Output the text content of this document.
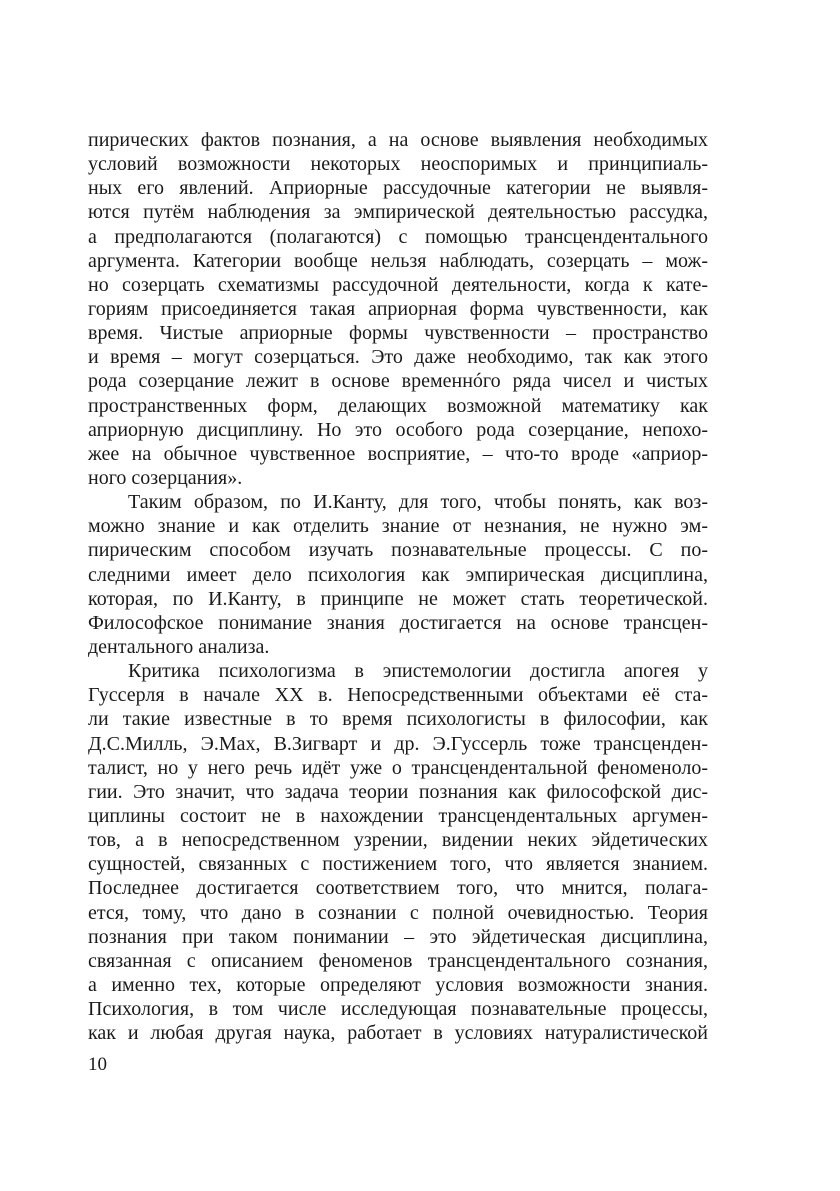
пирических фактов познания, а на основе выявления необходимых
условий возможности некоторых неоспоримых и принципиаль-
ных его явлений. Априорные рассудочные категории не выявля-
ются путём наблюдения за эмпирической деятельностью рассудка,
а предполагаются (полагаются) с помощью трансцендентального
аргумента. Категории вообще нельзя наблюдать, созерцать – мож-
но созерцать схематизмы рассудочной деятельности, когда к катe-
гориям присоединяется такая априорная форма чувственности, как
время. Чистые априорные формы чувственности – пространство
и время – могут созерцаться. Это даже необходимо, так как этого
рода созерцание лежит в основе временнóго ряда чисел и чистых
пространственных форм, делающих возможной математику как
априорную дисциплину. Но это особого рода созерцание, непохо-
жее на обычное чувственное восприятие, – что-то вроде «априор-
ного созерцания».
Таким образом, по И.Канту, для того, чтобы понять, как воз-
можно знание и как отделить знание от незнания, не нужно эм-
пирическим способом изучать познавательные процессы. С по-
следними имеет дело психология как эмпирическая дисциплина,
которая, по И.Канту, в принципе не может стать теоретической.
Философское понимание знания достигается на основе трансцен-
дентального анализа.
Критика психологизма в эпистемологии достигла апогея у
Гуссерля в начале XX в. Непосредственными объектами её ста-
ли такие известные в то время психологисты в философии, как
Д.С.Милль, Э.Мах, В.Зигварт и др. Э.Гуссерль тоже трансценден-
талист, но у него речь идёт уже о трансцендентальной феноменоло-
гии. Это значит, что задача теории познания как философской дис-
циплины состоит не в нахождении трансцендентальных аргумен-
тов, а в непосредственном узрении, видении неких эйдетических
сущностей, связанных с постижением того, что является знанием.
Последнее достигается соответствием того, что мнится, полага-
ется, тому, что дано в сознании с полной очевидностью. Теория
познания при таком понимании – это эйдетическая дисциплина,
связанная с описанием феноменов трансцендентального сознания,
а именно тех, которые определяют условия возможности знания.
Психология, в том числе исследующая познавательные процессы,
как и любая другая наука, работает в условиях натуралистической
10
